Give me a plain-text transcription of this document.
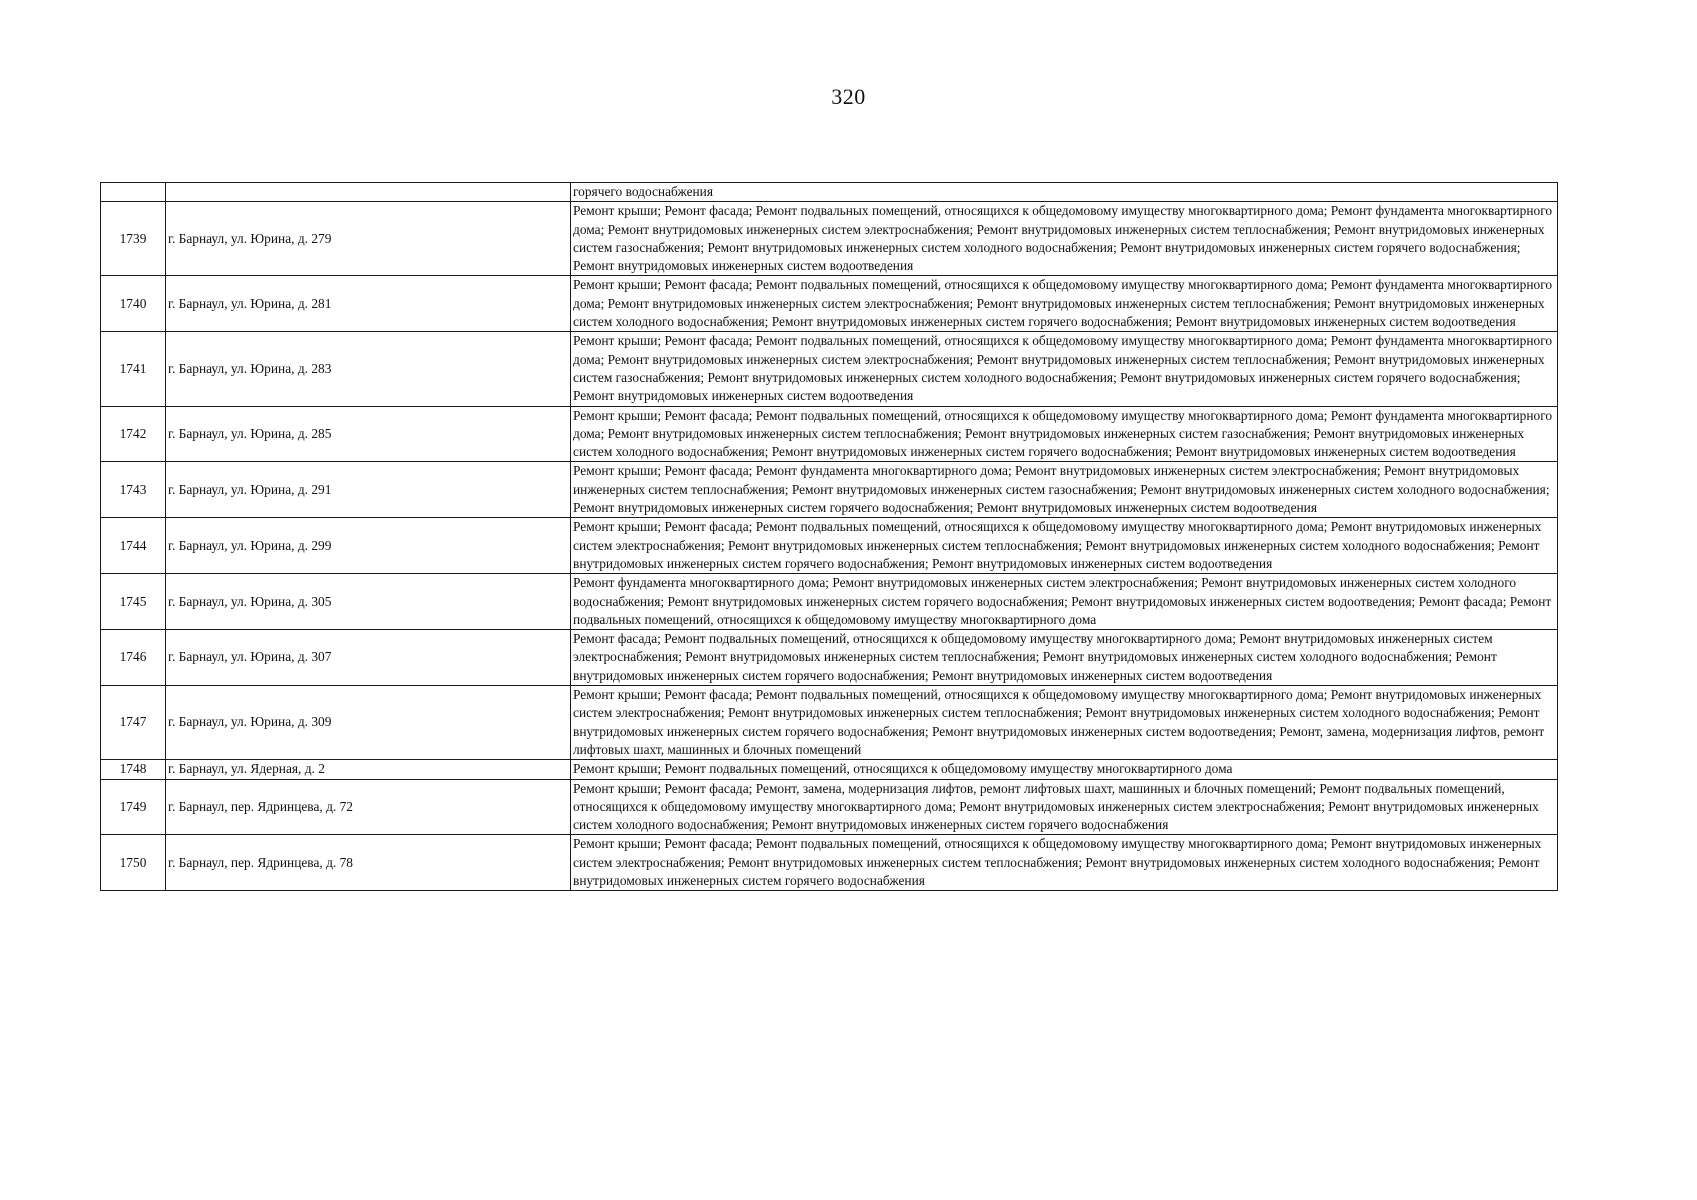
320
		горячего водоснабжения
1739	г. Барнаул, ул. Юрина, д. 279	Ремонт крыши; Ремонт фасада; Ремонт подвальных помещений, относящихся к общедомовому имуществу многоквартирного дома; Ремонт фундамента многоквартирного дома; Ремонт внутридомовых инженерных систем электроснабжения; Ремонт внутридомовых инженерных систем теплоснабжения; Ремонт внутридомовых инженерных систем газоснабжения; Ремонт внутридомовых инженерных систем холодного водоснабжения; Ремонт внутридомовых инженерных систем горячего водоснабжения; Ремонт внутридомовых инженерных систем водоотведения
1740	г. Барнаул, ул. Юрина, д. 281	Ремонт крыши; Ремонт фасада; Ремонт подвальных помещений, относящихся к общедомовому имуществу многоквартирного дома; Ремонт фундамента многоквартирного дома; Ремонт внутридомовых инженерных систем электроснабжения; Ремонт внутридомовых инженерных систем теплоснабжения; Ремонт внутридомовых инженерных систем холодного водоснабжения; Ремонт внутридомовых инженерных систем горячего водоснабжения; Ремонт внутридомовых инженерных систем водоотведения
1741	г. Барнаул, ул. Юрина, д. 283	Ремонт крыши; Ремонт фасада; Ремонт подвальных помещений, относящихся к общедомовому имуществу многоквартирного дома; Ремонт фундамента многоквартирного дома; Ремонт внутридомовых инженерных систем электроснабжения; Ремонт внутридомовых инженерных систем теплоснабжения; Ремонт внутридомовых инженерных систем газоснабжения; Ремонт внутридомовых инженерных систем холодного водоснабжения; Ремонт внутридомовых инженерных систем горячего водоснабжения; Ремонт внутридомовых инженерных систем водоотведения
1742	г. Барнаул, ул. Юрина, д. 285	Ремонт крыши; Ремонт фасада; Ремонт подвальных помещений, относящихся к общедомовому имуществу многоквартирного дома; Ремонт фундамента многоквартирного дома; Ремонт внутридомовых инженерных систем теплоснабжения; Ремонт внутридомовых инженерных систем газоснабжения; Ремонт внутридомовых инженерных систем холодного водоснабжения; Ремонт внутридомовых инженерных систем горячего водоснабжения; Ремонт внутридомовых инженерных систем водоотведения
1743	г. Барнаул, ул. Юрина, д. 291	Ремонт крыши; Ремонт фасада; Ремонт фундамента многоквартирного дома; Ремонт внутридомовых инженерных систем электроснабжения; Ремонт внутридомовых инженерных систем теплоснабжения; Ремонт внутридомовых инженерных систем газоснабжения; Ремонт внутридомовых инженерных систем холодного водоснабжения; Ремонт внутридомовых инженерных систем горячего водоснабжения; Ремонт внутридомовых инженерных систем водоотведения
1744	г. Барнаул, ул. Юрина, д. 299	Ремонт крыши; Ремонт фасада; Ремонт подвальных помещений, относящихся к общедомовому имуществу многоквартирного дома; Ремонт внутридомовых инженерных систем электроснабжения; Ремонт внутридомовых инженерных систем теплоснабжения; Ремонт внутридомовых инженерных систем холодного водоснабжения; Ремонт внутридомовых инженерных систем горячего водоснабжения; Ремонт внутридомовых инженерных систем водоотведения
1745	г. Барнаул, ул. Юрина, д. 305	Ремонт фундамента многоквартирного дома; Ремонт внутридомовых инженерных систем электроснабжения; Ремонт внутридомовых инженерных систем холодного водоснабжения; Ремонт внутридомовых инженерных систем горячего водоснабжения; Ремонт внутридомовых инженерных систем водоотведения; Ремонт фасада; Ремонт подвальных помещений, относящихся к общедомовому имуществу многоквартирного дома
1746	г. Барнаул, ул. Юрина, д. 307	Ремонт фасада; Ремонт подвальных помещений, относящихся к общедомовому имуществу многоквартирного дома; Ремонт внутридомовых инженерных систем электроснабжения; Ремонт внутридомовых инженерных систем теплоснабжения; Ремонт внутридомовых инженерных систем холодного водоснабжения; Ремонт внутридомовых инженерных систем горячего водоснабжения; Ремонт внутридомовых инженерных систем водоотведения
1747	г. Барнаул, ул. Юрина, д. 309	Ремонт крыши; Ремонт фасада; Ремонт подвальных помещений, относящихся к общедомовому имуществу многоквартирного дома; Ремонт внутридомовых инженерных систем электроснабжения; Ремонт внутридомовых инженерных систем теплоснабжения; Ремонт внутридомовых инженерных систем холодного водоснабжения; Ремонт внутридомовых инженерных систем горячего водоснабжения; Ремонт внутридомовых инженерных систем водоотведения; Ремонт, замена, модернизация лифтов, ремонт лифтовых шахт, машинных и блочных помещений
1748	г. Барнаул, ул. Ядерная, д. 2	Ремонт крыши; Ремонт подвальных помещений, относящихся к общедомовому имуществу многоквартирного дома
1749	г. Барнаул, пер. Ядринцева, д. 72	Ремонт крыши; Ремонт фасада; Ремонт, замена, модернизация лифтов, ремонт лифтовых шахт, машинных и блочных помещений; Ремонт подвальных помещений, относящихся к общедомовому имуществу многоквартирного дома; Ремонт внутридомовых инженерных систем электроснабжения; Ремонт внутридомовых инженерных систем холодного водоснабжения; Ремонт внутридомовых инженерных систем горячего водоснабжения
1750	г. Барнаул, пер. Ядринцева, д. 78	Ремонт крыши; Ремонт фасада; Ремонт подвальных помещений, относящихся к общедомовому имуществу многоквартирного дома; Ремонт внутридомовых инженерных систем электроснабжения; Ремонт внутридомовых инженерных систем теплоснабжения; Ремонт внутридомовых инженерных систем холодного водоснабжения; Ремонт внутридомовых инженерных систем горячего водоснабжения
